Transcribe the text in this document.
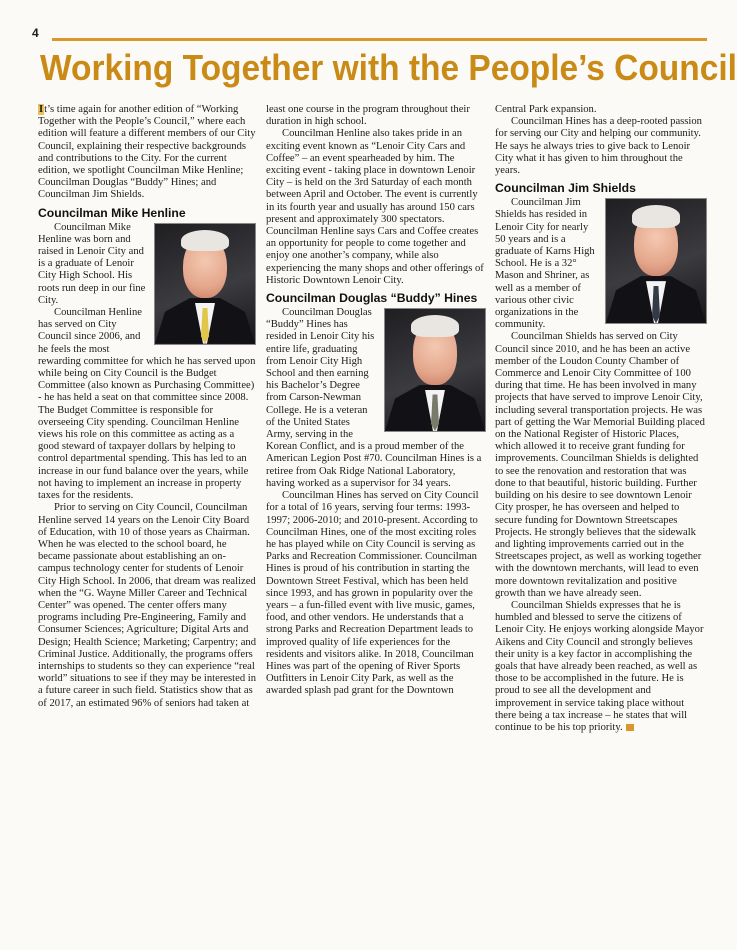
4
Working Together with the People’s Council

It’s time again for another edition of “Working Together with the People’s Council,” where each edition will feature a different members of our City Council, explaining their respective backgrounds and contributions to the City. For the current edition, we spotlight Councilman Mike Henline; Councilman Douglas “Buddy” Hines; and Councilman Jim Shields.

Councilman Mike Henline

Councilman Mike Henline was born and raised in Lenoir City and is a graduate of Lenoir City High School. His roots run deep in our fine City.

Councilman Henline has served on City Council since 2006, and he feels the most rewarding committee for which he has served upon while being on City Council is the Budget Committee (also known as Purchasing Committee) - he has held a seat on that committee since 2008. The Budget Committee is responsible for overseeing City spending. Councilman Henline views his role on this committee as acting as a good steward of taxpayer dollars by helping to control departmental spending. This has led to an increase in our fund balance over the years, while not having to implement an increase in property taxes for the residents.

Prior to serving on City Council, Councilman Henline served 14 years on the Lenoir City Board of Education, with 10 of those years as Chairman. When he was elected to the school board, he became passionate about establishing an on-campus technology center for students of Lenoir City High School. In 2006, that dream was realized when the “G. Wayne Miller Career and Technical Center” was opened. The center offers many programs including Pre-Engineering, Family and Consumer Sciences; Agriculture; Digital Arts and Design; Health Science; Marketing; Carpentry; and Criminal Justice. Additionally, the programs offers internships to students so they can experience “real world” situations to see if they may be interested in a future career in such field. Statistics show that as of 2017, an estimated 96% of seniors had taken at

least one course in the program throughout their duration in high school.

Councilman Henline also takes pride in an exciting event known as “Lenoir City Cars and Coffee” – an event spearheaded by him. The exciting event - taking place in downtown Lenoir City – is held on the 3rd Saturday of each month between April and October. The event is currently in its fourth year and usually has around 150 cars present and approximately 300 spectators. Councilman Henline says Cars and Coffee creates an opportunity for people to come together and enjoy one another’s company, while also experiencing the many shops and other offerings of Historic Downtown Lenoir City.

Councilman Douglas “Buddy” Hines

Councilman Douglas “Buddy” Hines has resided in Lenoir City his entire life, graduating from Lenoir City High School and then earning his Bachelor’s Degree from Carson-Newman College. He is a veteran of the United States Army, serving in the Korean Conflict, and is a proud member of the American Legion Post #70. Councilman Hines is a retiree from Oak Ridge National Laboratory, having worked as a supervisor for 34 years.

Councilman Hines has served on City Council for a total of 16 years, serving four terms: 1993-1997; 2006-2010; and 2010-present. According to Councilman Hines, one of the most exciting roles he has played while on City Council is serving as Parks and Recreation Commissioner. Councilman Hines is proud of his contribution in starting the Downtown Street Festival, which has been held since 1993, and has grown in popularity over the years – a fun-filled event with live music, games, food, and other vendors. He understands that a strong Parks and Recreation Department leads to improved quality of life experiences for the residents and visitors alike. In 2018, Councilman Hines was part of the opening of River Sports Outfitters in Lenoir City Park, as well as the awarded splash pad grant for the Downtown

Central Park expansion.

Councilman Hines has a deep-rooted passion for serving our City and helping our community. He says he always tries to give back to Lenoir City what it has given to him throughout the years.

Councilman Jim Shields

Councilman Jim Shields has resided in Lenoir City for nearly 50 years and is a graduate of Karns High School. He is a 32° Mason and Shriner, as well as a member of various other civic organizations in the community.

Councilman Shields has served on City Council since 2010, and he has been an active member of the Loudon County Chamber of Commerce and Lenoir City Committee of 100 during that time. He has been involved in many projects that have served to improve Lenoir City, including several transportation projects. He was part of getting the War Memorial Building placed on the National Register of Historic Places, which allowed it to receive grant funding for improvements. Councilman Shields is delighted to see the renovation and restoration that was done to that beautiful, historic building. Further building on his desire to see downtown Lenoir City prosper, he has overseen and helped to secure funding for Downtown Streetscapes Projects. He strongly believes that the sidewalk and lighting improvements carried out in the Streetscapes project, as well as working together with the downtown merchants, will lead to even more downtown revitalization and positive growth than we have already seen.

Councilman Shields expresses that he is humbled and blessed to serve the citizens of Lenoir City. He enjoys working alongside Mayor Aikens and City Council and strongly believes their unity is a key factor in accomplishing the goals that have already been reached, as well as those to be accomplished in the future. He is proud to see all the development and improvement in service taking place without there being a tax increase – he states that will continue to be his top priority.
